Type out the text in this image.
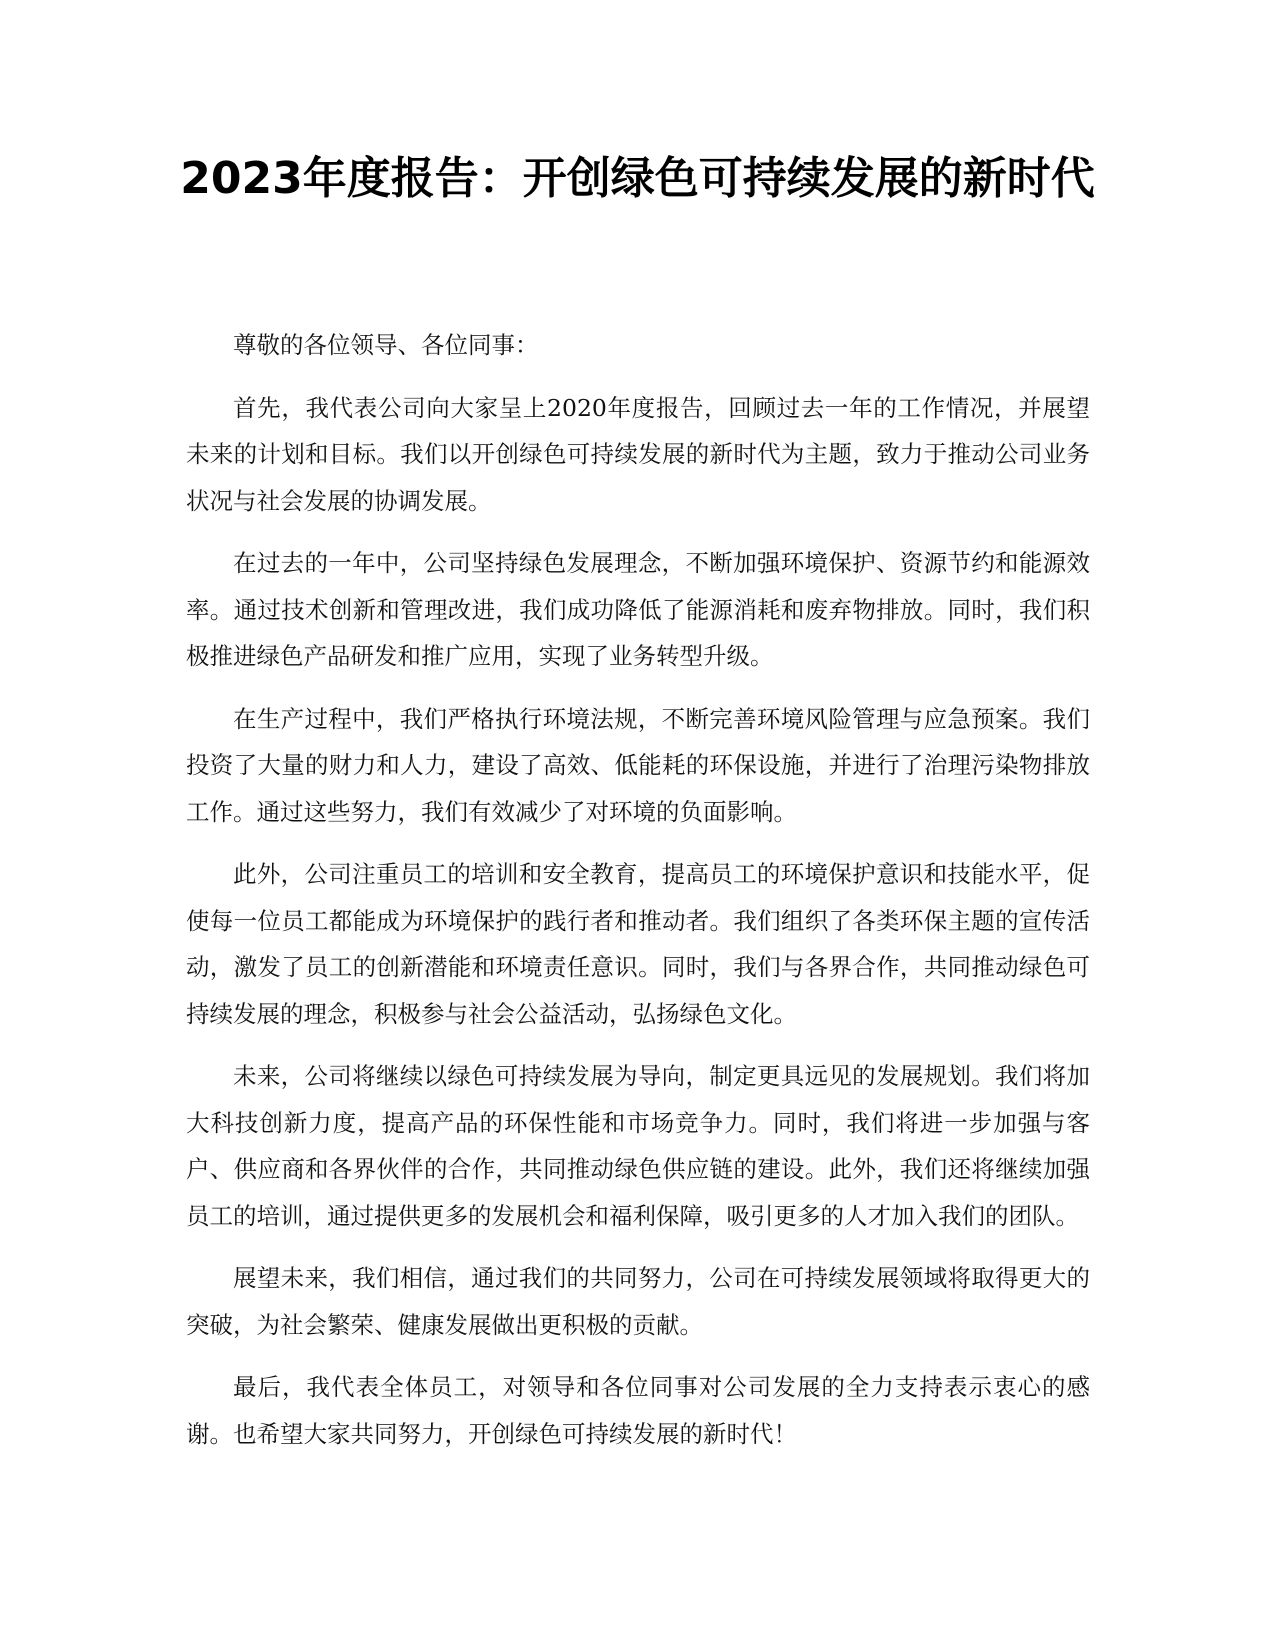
2023年度报告：开创绿色可持续发展的新时代

尊敬的各位领导、各位同事：

首先，我代表公司向大家呈上2020年度报告，回顾过去一年的工作情况，并展望未来的计划和目标。我们以开创绿色可持续发展的新时代为主题，致力于推动公司业务状况与社会发展的协调发展。

在过去的一年中，公司坚持绿色发展理念，不断加强环境保护、资源节约和能源效率。通过技术创新和管理改进，我们成功降低了能源消耗和废弃物排放。同时，我们积极推进绿色产品研发和推广应用，实现了业务转型升级。

在生产过程中，我们严格执行环境法规，不断完善环境风险管理与应急预案。我们投资了大量的财力和人力，建设了高效、低能耗的环保设施，并进行了治理污染物排放工作。通过这些努力，我们有效减少了对环境的负面影响。

此外，公司注重员工的培训和安全教育，提高员工的环境保护意识和技能水平，促使每一位员工都能成为环境保护的践行者和推动者。我们组织了各类环保主题的宣传活动，激发了员工的创新潜能和环境责任意识。同时，我们与各界合作，共同推动绿色可持续发展的理念，积极参与社会公益活动，弘扬绿色文化。

未来，公司将继续以绿色可持续发展为导向，制定更具远见的发展规划。我们将加大科技创新力度，提高产品的环保性能和市场竞争力。同时，我们将进一步加强与客户、供应商和各界伙伴的合作，共同推动绿色供应链的建设。此外，我们还将继续加强员工的培训，通过提供更多的发展机会和福利保障，吸引更多的人才加入我们的团队。

展望未来，我们相信，通过我们的共同努力，公司在可持续发展领域将取得更大的突破，为社会繁荣、健康发展做出更积极的贡献。

最后，我代表全体员工，对领导和各位同事对公司发展的全力支持表示衷心的感谢。也希望大家共同努力，开创绿色可持续发展的新时代！
